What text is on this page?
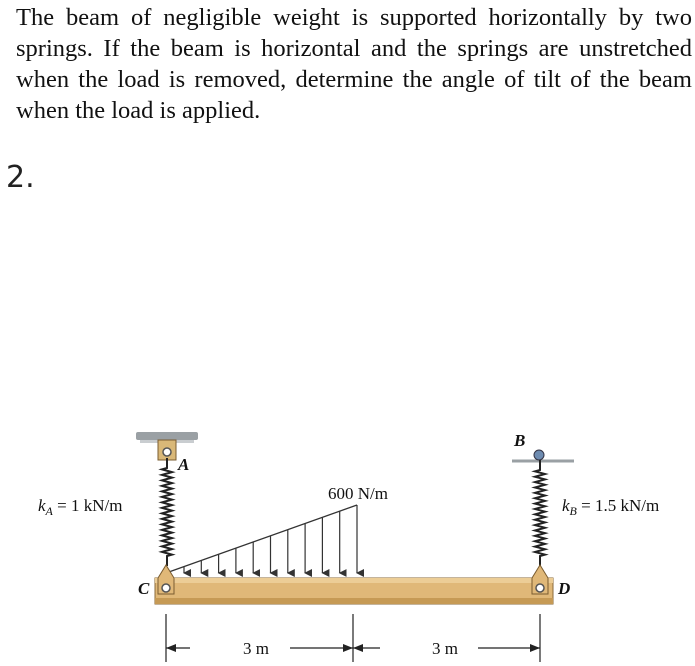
The beam of negligible weight is supported horizontally by two springs. If the beam is horizontal and the springs are unstretched when the load is removed, determine the angle of tilt of the beam when the load is applied.
2.
A
B
C	D
$k_A = 1$ kN/m	$k_B = 1.5$ kN/m
600 N/m
3 m	3 m
